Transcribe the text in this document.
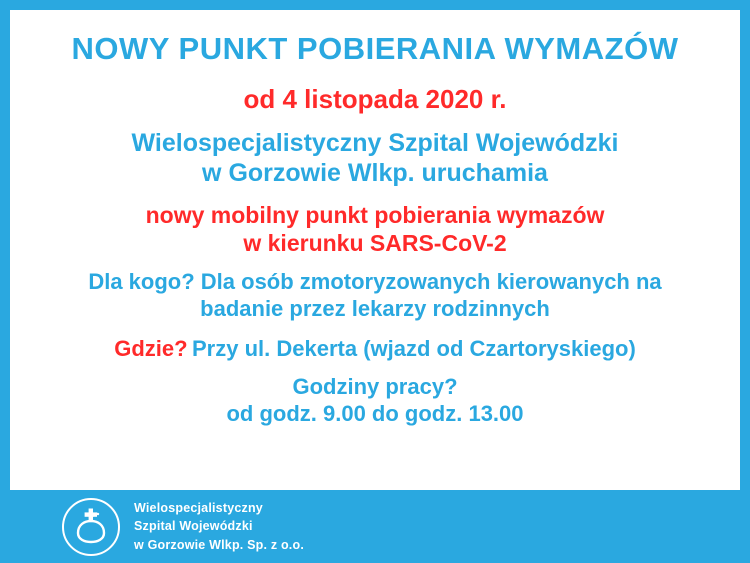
NOWY PUNKT POBIERANIA WYMAZÓW
od 4 listopada 2020 r.
Wielospecjalistyczny Szpital Wojewódzki
w Gorzowie Wlkp. uruchamia
nowy mobilny punkt pobierania wymazów
w kierunku SARS-CoV-2
Dla kogo? Dla osób zmotoryzowanych kierowanych na
badanie przez lekarzy rodzinnych
Gdzie? Przy ul. Dekerta (wjazd od Czartoryskiego)
Godziny pracy?
od godz. 9.00 do godz. 13.00
Wielospecjalistyczny
Szpital Wojewódzki
w Gorzowie Wlkp. Sp. z o.o.
